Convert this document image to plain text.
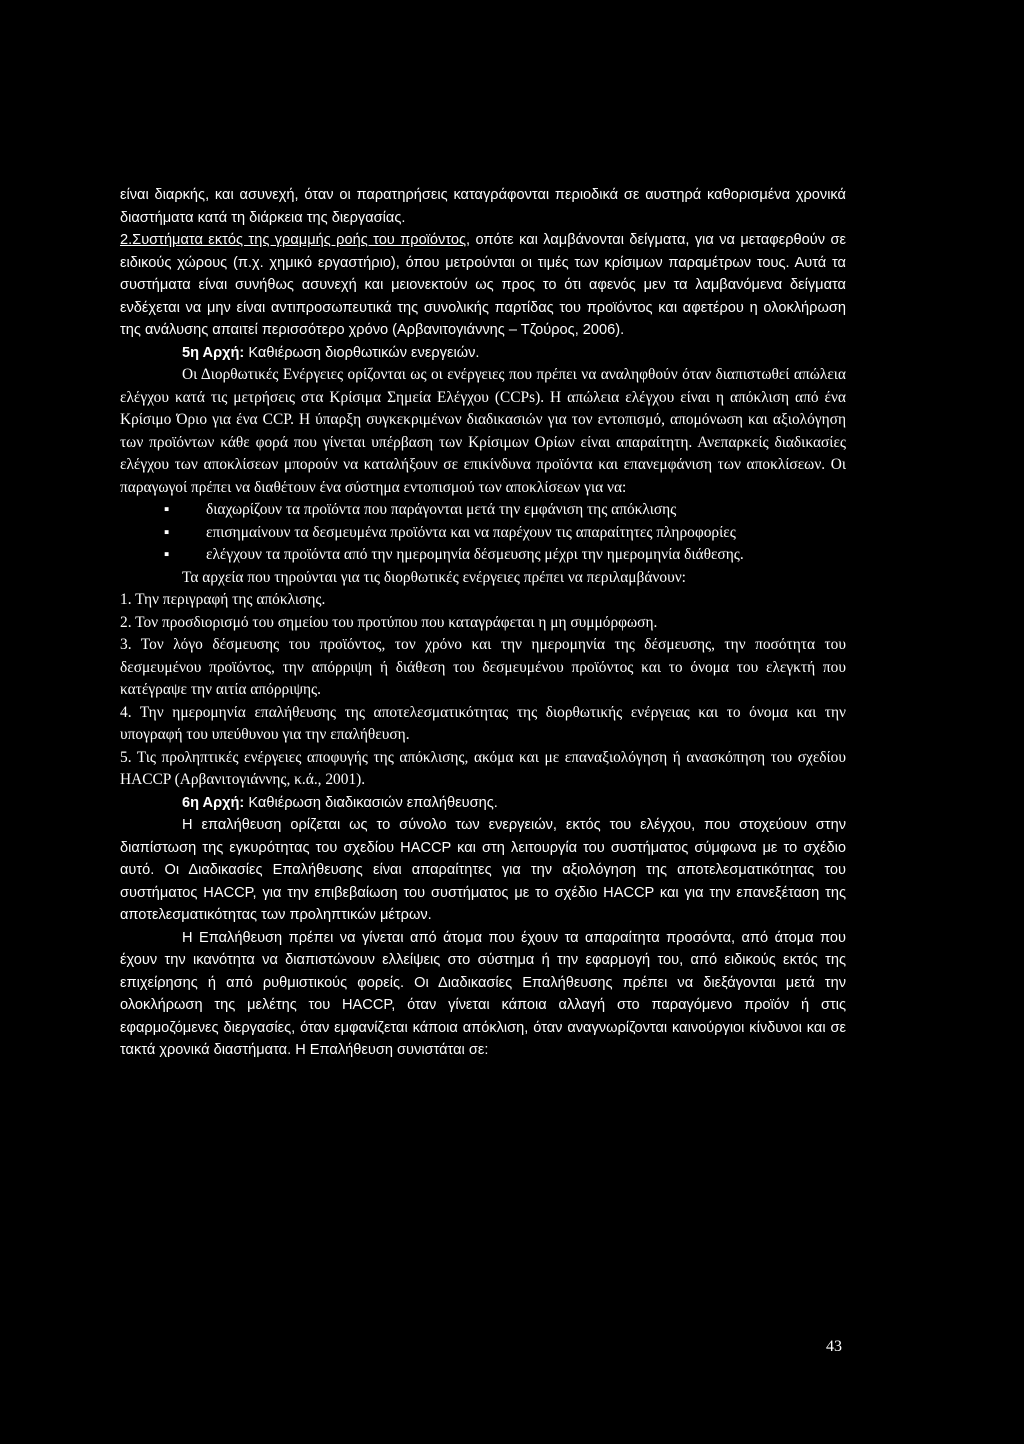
είναι διαρκής, και ασυνεχή, όταν οι παρατηρήσεις καταγράφονται περιοδικά σε αυστηρά καθορισμένα χρονικά διαστήματα κατά τη διάρκεια της διεργασίας.

2.Συστήματα εκτός της γραμμής ροής του προϊόντος, οπότε και λαμβάνονται δείγματα, για να μεταφερθούν σε ειδικούς χώρους (π.χ. χημικό εργαστήριο), όπου μετρούνται οι τιμές των κρίσιμων παραμέτρων τους. Αυτά τα συστήματα είναι συνήθως ασυνεχή και μειονεκτούν ως προς το ότι αφενός μεν τα λαμβανόμενα δείγματα ενδέχεται να μην είναι αντιπροσωπευτικά της συνολικής παρτίδας του προϊόντος και αφετέρου η ολοκλήρωση της ανάλυσης απαιτεί περισσότερο χρόνο (Αρβανιτογιάννης – Τζούρος, 2006).

5η Αρχή: Καθιέρωση διορθωτικών ενεργειών.

Οι Διορθωτικές Ενέργειες ορίζονται ως οι ενέργειες που πρέπει να αναληφθούν όταν διαπιστωθεί απώλεια ελέγχου κατά τις μετρήσεις στα Κρίσιμα Σημεία Ελέγχου (CCPs). Η απώλεια ελέγχου είναι η απόκλιση από ένα Κρίσιμο Όριο για ένα CCP. Η ύπαρξη συγκεκριμένων διαδικασιών για τον εντοπισμό, απομόνωση και αξιολόγηση των προϊόντων κάθε φορά που γίνεται υπέρβαση των Κρίσιμων Ορίων είναι απαραίτητη. Ανεπαρκείς διαδικασίες ελέγχου των αποκλίσεων μπορούν να καταλήξουν σε επικίνδυνα προϊόντα και επανεμφάνιση των αποκλίσεων. Οι παραγωγοί πρέπει να διαθέτουν ένα σύστημα εντοπισμού των αποκλίσεων για να:

▪ διαχωρίζουν τα προϊόντα που παράγονται μετά την εμφάνιση της απόκλισης
▪ επισημαίνουν τα δεσμευμένα προϊόντα και να παρέχουν τις απαραίτητες πληροφορίες
▪ ελέγχουν τα προϊόντα από την ημερομηνία δέσμευσης μέχρι την ημερομηνία διάθεσης.

Τα αρχεία που τηρούνται για τις διορθωτικές ενέργειες πρέπει να περιλαμβάνουν:

1. Την περιγραφή της απόκλισης.

2. Τον προσδιορισμό του σημείου του προτύπου που καταγράφεται η μη συμμόρφωση.

3. Τον λόγο δέσμευσης του προϊόντος, τον χρόνο και την ημερομηνία της δέσμευσης, την ποσότητα του δεσμευμένου προϊόντος, την απόρριψη ή διάθεση του δεσμευμένου προϊόντος και το όνομα του ελεγκτή που κατέγραψε την αιτία απόρριψης.

4. Την ημερομηνία επαλήθευσης της αποτελεσματικότητας της διορθωτικής ενέργειας και το όνομα και την υπογραφή του υπεύθυνου για την επαλήθευση.

5. Τις προληπτικές ενέργειες αποφυγής της απόκλισης, ακόμα και με επαναξιολόγηση ή ανασκόπηση του σχεδίου HACCP (Αρβανιτογιάννης, κ.ά., 2001).

6η Αρχή: Καθιέρωση διαδικασιών επαλήθευσης.

Η επαλήθευση ορίζεται ως το σύνολο των ενεργειών, εκτός του ελέγχου, που στοχεύουν στην διαπίστωση της εγκυρότητας του σχεδίου HACCP και στη λειτουργία του συστήματος σύμφωνα με το σχέδιο αυτό. Οι Διαδικασίες Επαλήθευσης είναι απαραίτητες για την αξιολόγηση της αποτελεσματικότητας του συστήματος HACCP, για την επιβεβαίωση του συστήματος με το σχέδιο HACCP και για την επανεξέταση της αποτελεσματικότητας των προληπτικών μέτρων.

Η Επαλήθευση πρέπει να γίνεται από άτομα που έχουν τα απαραίτητα προσόντα, από άτομα που έχουν την ικανότητα να διαπιστώνουν ελλείψεις στο σύστημα ή την εφαρμογή του, από ειδικούς εκτός της επιχείρησης ή από ρυθμιστικούς φορείς. Οι Διαδικασίες Επαλήθευσης πρέπει να διεξάγονται μετά την ολοκλήρωση της μελέτης του HACCP, όταν γίνεται κάποια αλλαγή στο παραγόμενο προϊόν ή στις εφαρμοζόμενες διεργασίες, όταν εμφανίζεται κάποια απόκλιση, όταν αναγνωρίζονται καινούργιοι κίνδυνοι και σε τακτά χρονικά διαστήματα. Η Επαλήθευση συνιστάται σε:

43
